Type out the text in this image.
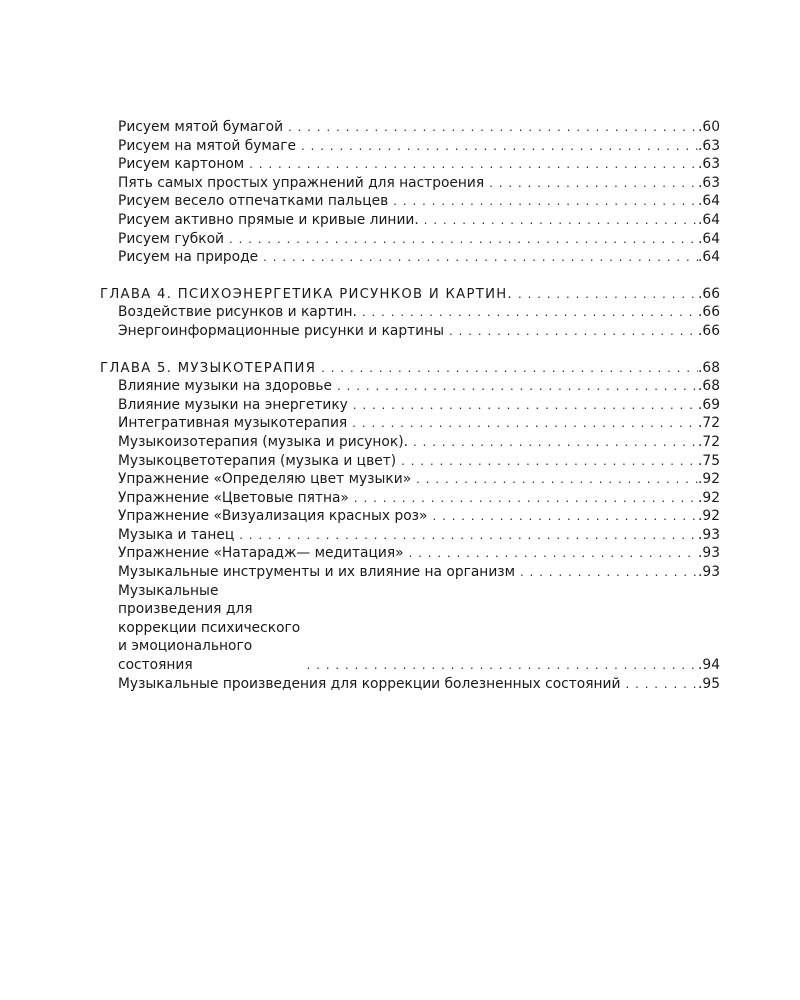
Рисуем мятой бумагой . . .	.60
Рисуем на мятой бумаге . . .	.63
Рисуем картоном . . .	.63
Пять самых простых упражнений для настроения . . .	.63
Рисуем весело отпечатками пальцев . . .	.64
Рисуем активно прямые и кривые линии. . . .	.64
Рисуем губкой . . .	.64
Рисуем на природе . . .	.64
ГЛАВА 4. ПСИХОЭНЕРГЕТИКА РИСУНКОВ И КАРТИН. . . .	.66
Воздействие рисунков и картин. . . .	.66
Энергоинформационные рисунки и картины . . .	.66
ГЛАВА 5. МУЗЫКОТЕРАПИЯ . . .	.68
Влияние музыки на здоровье . . .	.68
Влияние музыки на энергетику . . .	.69
Интегративная музыкотерапия . . .	.72
Музыкоизотерапия (музыка и рисунок). . . .	.72
Музыкоцветотерапия (музыка и цвет) . . .	.75
Упражнение «Определяю цвет музыки» . . .	.92
Упражнение «Цветовые пятна» . . .	.92
Упражнение «Визуализация красных роз» . . .	.92
Музыка и танец . . .	.93
Упражнение «Натарадж— медитация» . . .	.93
Музыкальные инструменты и их влияние на организм . . .	.93
Музыкальные произведения для коррекции психического и эмоционального состояния . . .	.94
Музыкальные произведения для коррекции болезненных состояний . . .	.95
